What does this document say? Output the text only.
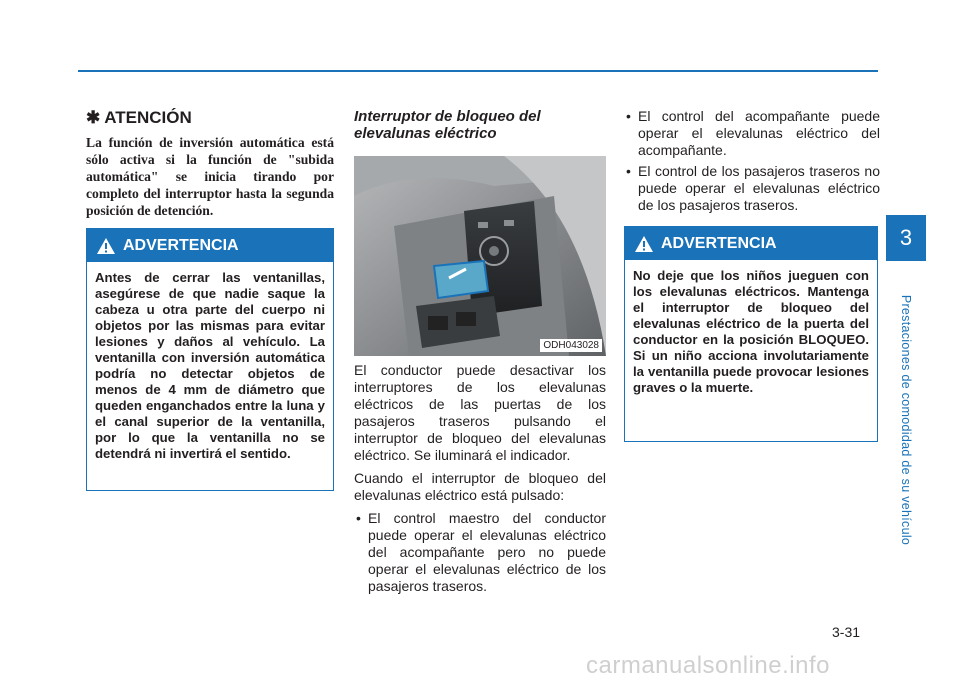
✱ ATENCIÓN

La función de inversión automática está sólo activa si la función de "subida automática" se inicia tirando por completo del interruptor hasta la segunda posición de detención.

ADVERTENCIA
Antes de cerrar las ventanillas, asegúrese de que nadie saque la cabeza u otra parte del cuerpo ni objetos por las mismas para evitar lesiones y daños al vehículo. La ventanilla con inversión automática podría no detectar objetos de menos de 4 mm de diámetro que queden enganchados entre la luna y el canal superior de la ventanilla, por lo que la ventanilla no se detendrá ni invertirá el sentido.

Interruptor de bloqueo del elevalunas eléctrico

ODH043028

El conductor puede desactivar los interruptores de los elevalunas eléctricos de las puertas de los pasajeros traseros pulsando el interruptor de bloqueo del elevalunas eléctrico. Se iluminará el indicador.

Cuando el interruptor de bloqueo del elevalunas eléctrico está pulsado:

• El control maestro del conductor puede operar el elevalunas eléctrico del acompañante pero no puede operar el elevalunas eléctrico de los pasajeros traseros.
• El control del acompañante puede operar el elevalunas eléctrico del acompañante.
• El control de los pasajeros traseros no puede operar el elevalunas eléctrico de los pasajeros traseros.
ADVERTENCIA
No deje que los niños jueguen con los elevalunas eléctricos. Mantenga el interruptor de bloqueo del elevalunas eléctrico de la puerta del conductor en la posición BLOQUEO. Si un niño acciona involutariamente la ventanilla puede provocar lesiones graves o la muerte.
3
Prestaciones de comodidad de su vehículo
3-31
carmanualsonline.info
